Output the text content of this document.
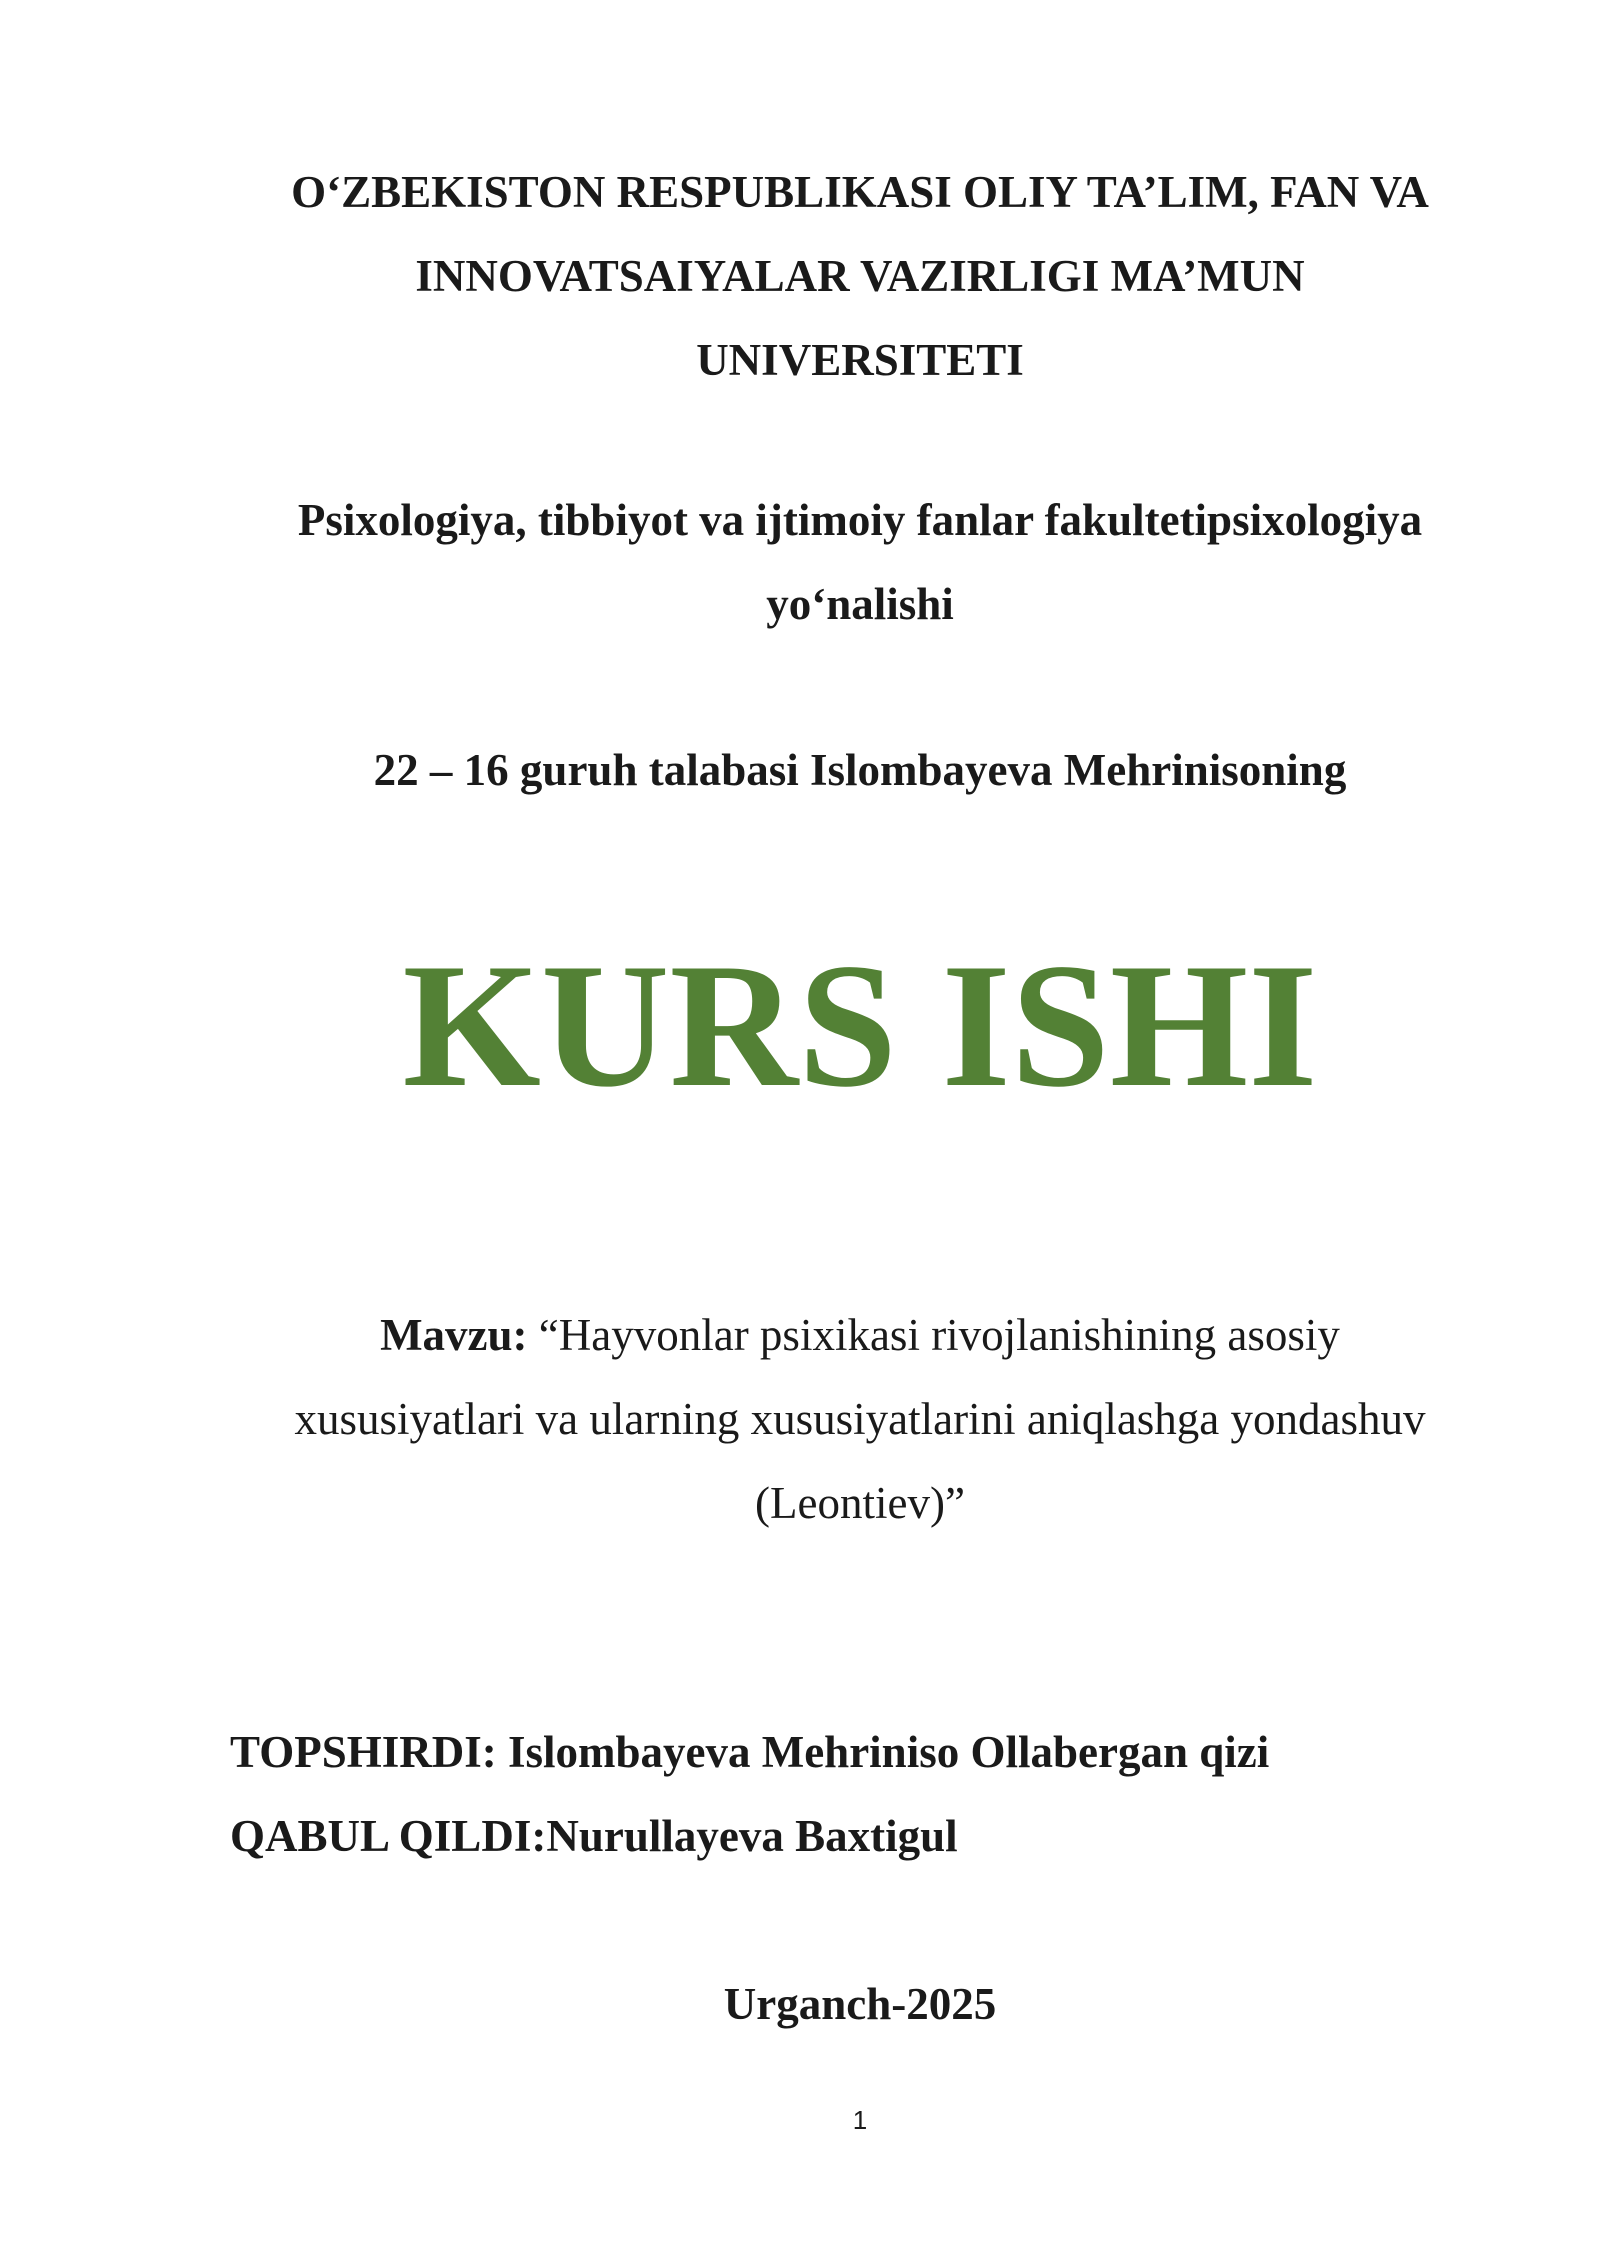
O‘ZBEKISTON RESPUBLIKASI OLIY TA’LIM, FAN VA
INNOVATSAIYALAR VAZIRLIGI MA’MUN
UNIVERSITETI
Psixologiya, tibbiyot va ijtimoiy fanlar fakultetipsixologiya
yo‘nalishi
22 – 16 guruh talabasi Islombayeva Mehrinisoning
KURS ISHI
Mavzu: “Hayvonlar psixikasi rivojlanishining asosiy
xususiyatlari va ularning xususiyatlarini aniqlashga yondashuv
(Leontiev)”
TOPSHIRDI: Islombayeva Mehriniso Ollabergan qizi
QABUL QILDI:Nurullayeva Baxtigul
Urganch-2025
1
